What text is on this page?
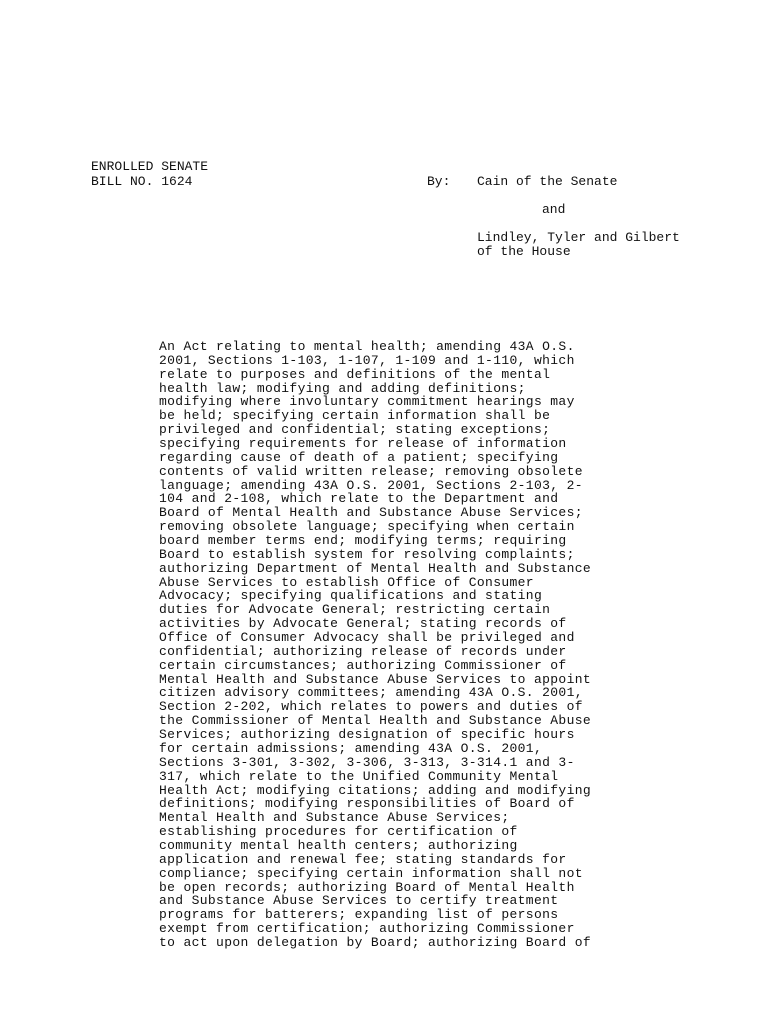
ENROLLED SENATE
BILL NO. 1624	By: Cain of the Senate
and
Lindley, Tyler and Gilbert
of the House
An Act relating to mental health; amending 43A O.S.
2001, Sections 1-103, 1-107, 1-109 and 1-110, which
relate to purposes and definitions of the mental
health law; modifying and adding definitions;
modifying where involuntary commitment hearings may
be held; specifying certain information shall be
privileged and confidential; stating exceptions;
specifying requirements for release of information
regarding cause of death of a patient; specifying
contents of valid written release; removing obsolete
language; amending 43A O.S. 2001, Sections 2-103, 2-
104 and 2-108, which relate to the Department and
Board of Mental Health and Substance Abuse Services;
removing obsolete language; specifying when certain
board member terms end; modifying terms; requiring
Board to establish system for resolving complaints;
authorizing Department of Mental Health and Substance
Abuse Services to establish Office of Consumer
Advocacy; specifying qualifications and stating
duties for Advocate General; restricting certain
activities by Advocate General; stating records of
Office of Consumer Advocacy shall be privileged and
confidential; authorizing release of records under
certain circumstances; authorizing Commissioner of
Mental Health and Substance Abuse Services to appoint
citizen advisory committees; amending 43A O.S. 2001,
Section 2-202, which relates to powers and duties of
the Commissioner of Mental Health and Substance Abuse
Services; authorizing designation of specific hours
for certain admissions; amending 43A O.S. 2001,
Sections 3-301, 3-302, 3-306, 3-313, 3-314.1 and 3-
317, which relate to the Unified Community Mental
Health Act; modifying citations; adding and modifying
definitions; modifying responsibilities of Board of
Mental Health and Substance Abuse Services;
establishing procedures for certification of
community mental health centers; authorizing
application and renewal fee; stating standards for
compliance; specifying certain information shall not
be open records; authorizing Board of Mental Health
and Substance Abuse Services to certify treatment
programs for batterers; expanding list of persons
exempt from certification; authorizing Commissioner
to act upon delegation by Board; authorizing Board of
